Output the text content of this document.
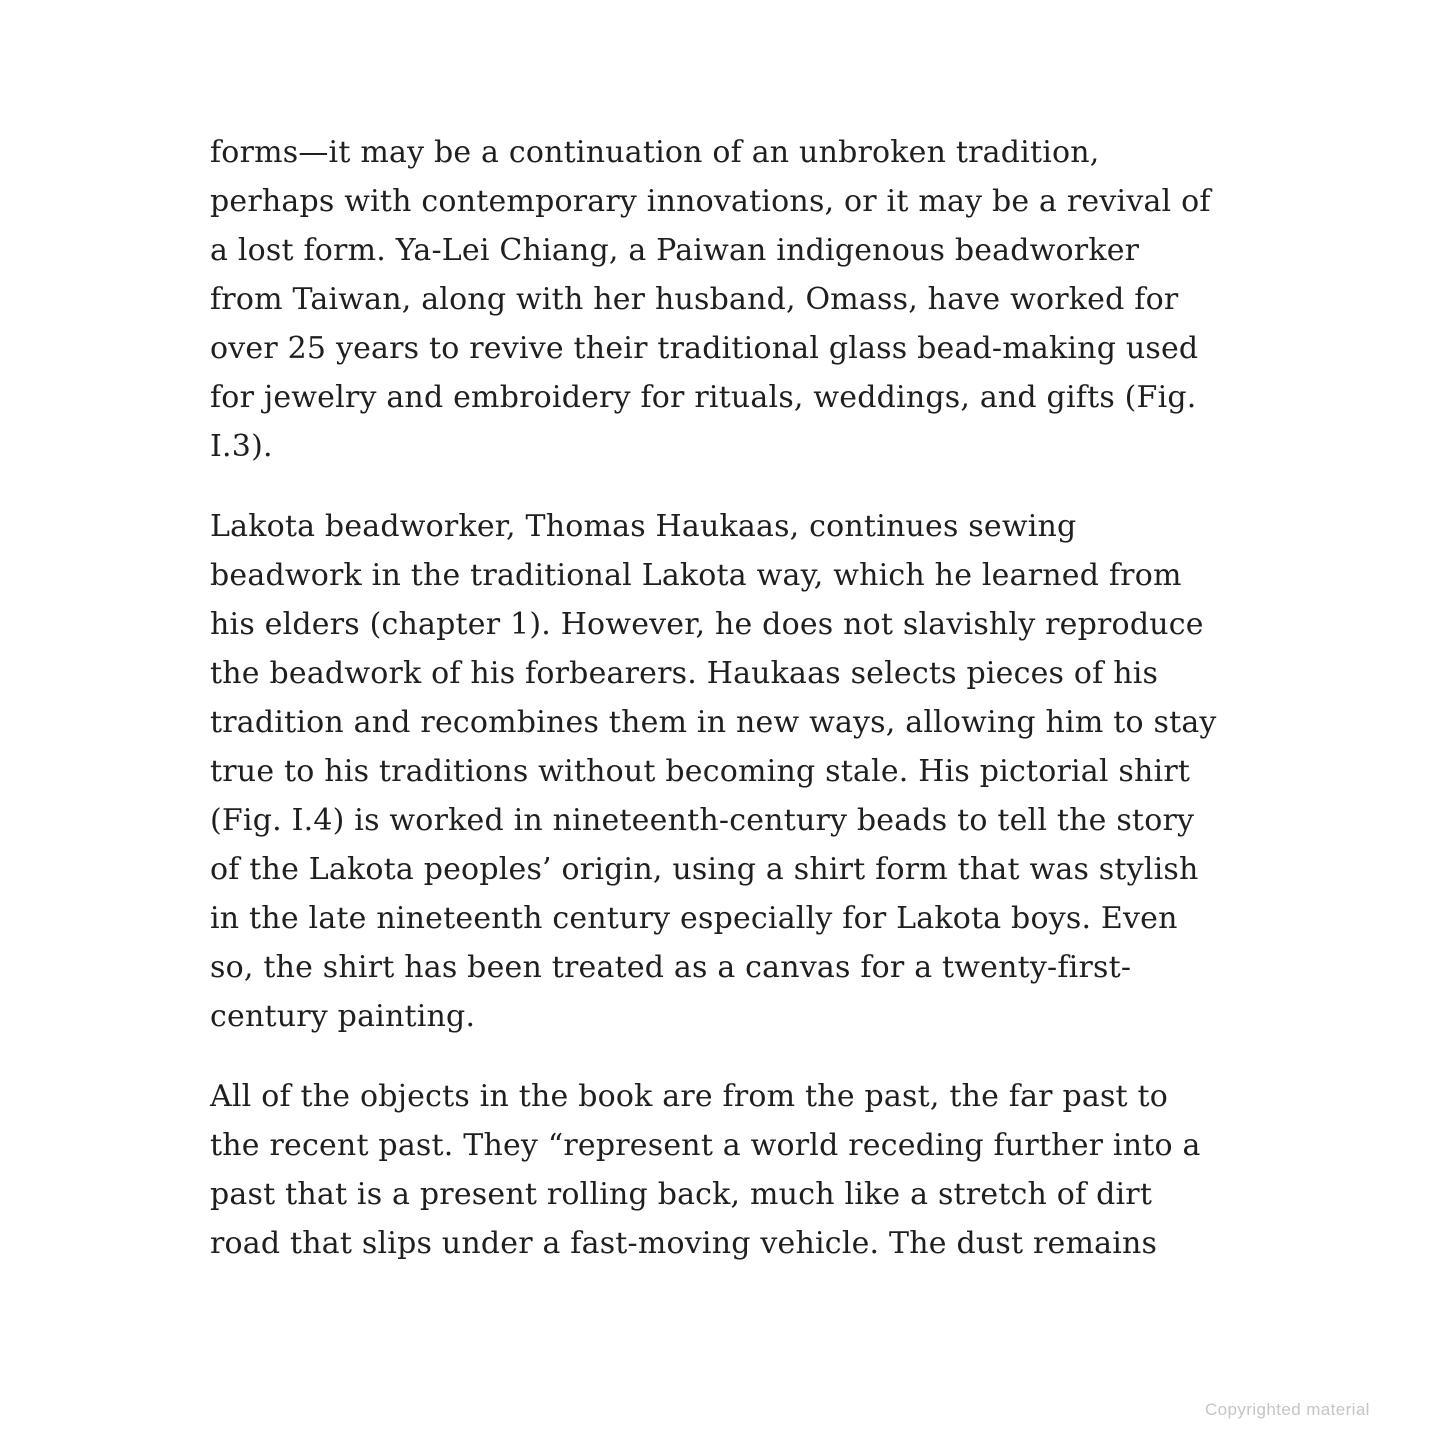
forms—it may be a continuation of an unbroken tradition,
perhaps with contemporary innovations, or it may be a revival of
a lost form. Ya-Lei Chiang, a Paiwan indigenous beadworker
from Taiwan, along with her husband, Omass, have worked for
over 25 years to revive their traditional glass bead-making used
for jewelry and embroidery for rituals, weddings, and gifts (Fig.
I.3).
Lakota beadworker, Thomas Haukaas, continues sewing
beadwork in the traditional Lakota way, which he learned from
his elders (chapter 1). However, he does not slavishly reproduce
the beadwork of his forbearers. Haukaas selects pieces of his
tradition and recombines them in new ways, allowing him to stay
true to his traditions without becoming stale. His pictorial shirt
(Fig. I.4) is worked in nineteenth-century beads to tell the story
of the Lakota peoples’ origin, using a shirt form that was stylish
in the late nineteenth century especially for Lakota boys. Even
so, the shirt has been treated as a canvas for a twenty-first-
century painting.
All of the objects in the book are from the past, the far past to
the recent past. They “represent a world receding further into a
past that is a present rolling back, much like a stretch of dirt
road that slips under a fast-moving vehicle. The dust remains
Copyrighted material
